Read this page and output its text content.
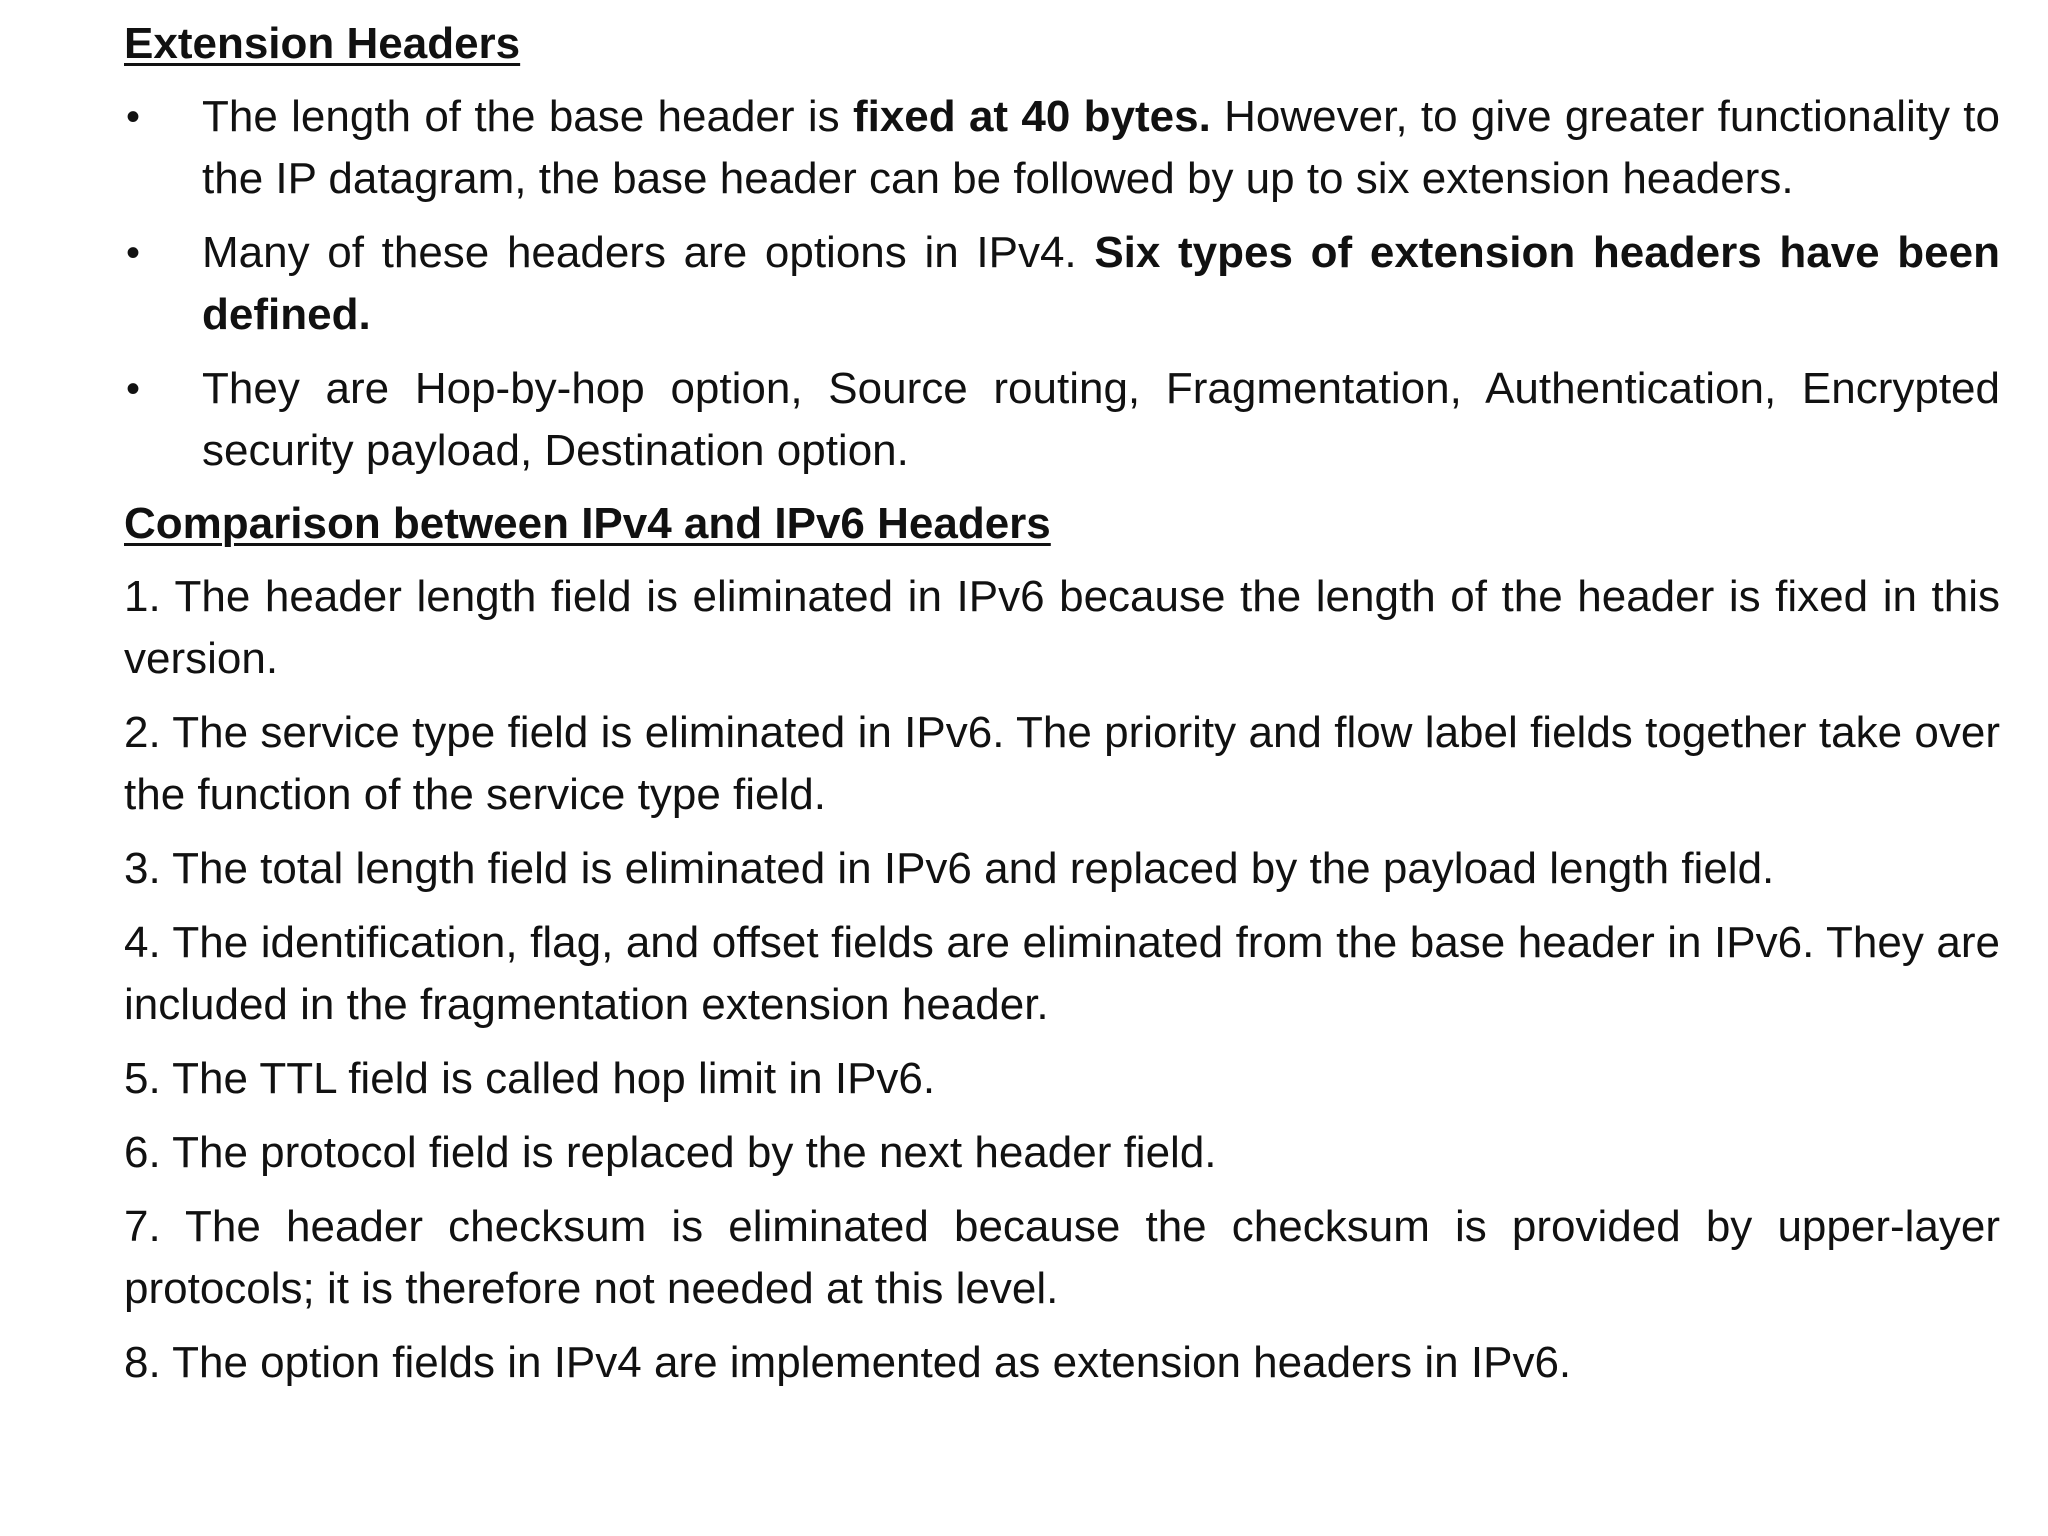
Extension Headers
• The length of the base header is fixed at 40 bytes. However, to give greater functionality to the IP datagram, the base header can be followed by up to six extension headers.
• Many of these headers are options in IPv4. Six types of extension headers have been defined.
• They are Hop-by-hop option, Source routing, Fragmentation, Authentication, Encrypted security payload, Destination option.
Comparison between IPv4 and IPv6 Headers
1. The header length field is eliminated in IPv6 because the length of the header is fixed in this version.
2. The service type field is eliminated in IPv6. The priority and flow label fields together take over the function of the service type field.
3. The total length field is eliminated in IPv6 and replaced by the payload length field.
4. The identification, flag, and offset fields are eliminated from the base header in IPv6. They are included in the fragmentation extension header.
5. The TTL field is called hop limit in IPv6.
6. The protocol field is replaced by the next header field.
7. The header checksum is eliminated because the checksum is provided by upper-layer protocols; it is therefore not needed at this level.
8. The option fields in IPv4 are implemented as extension headers in IPv6.
